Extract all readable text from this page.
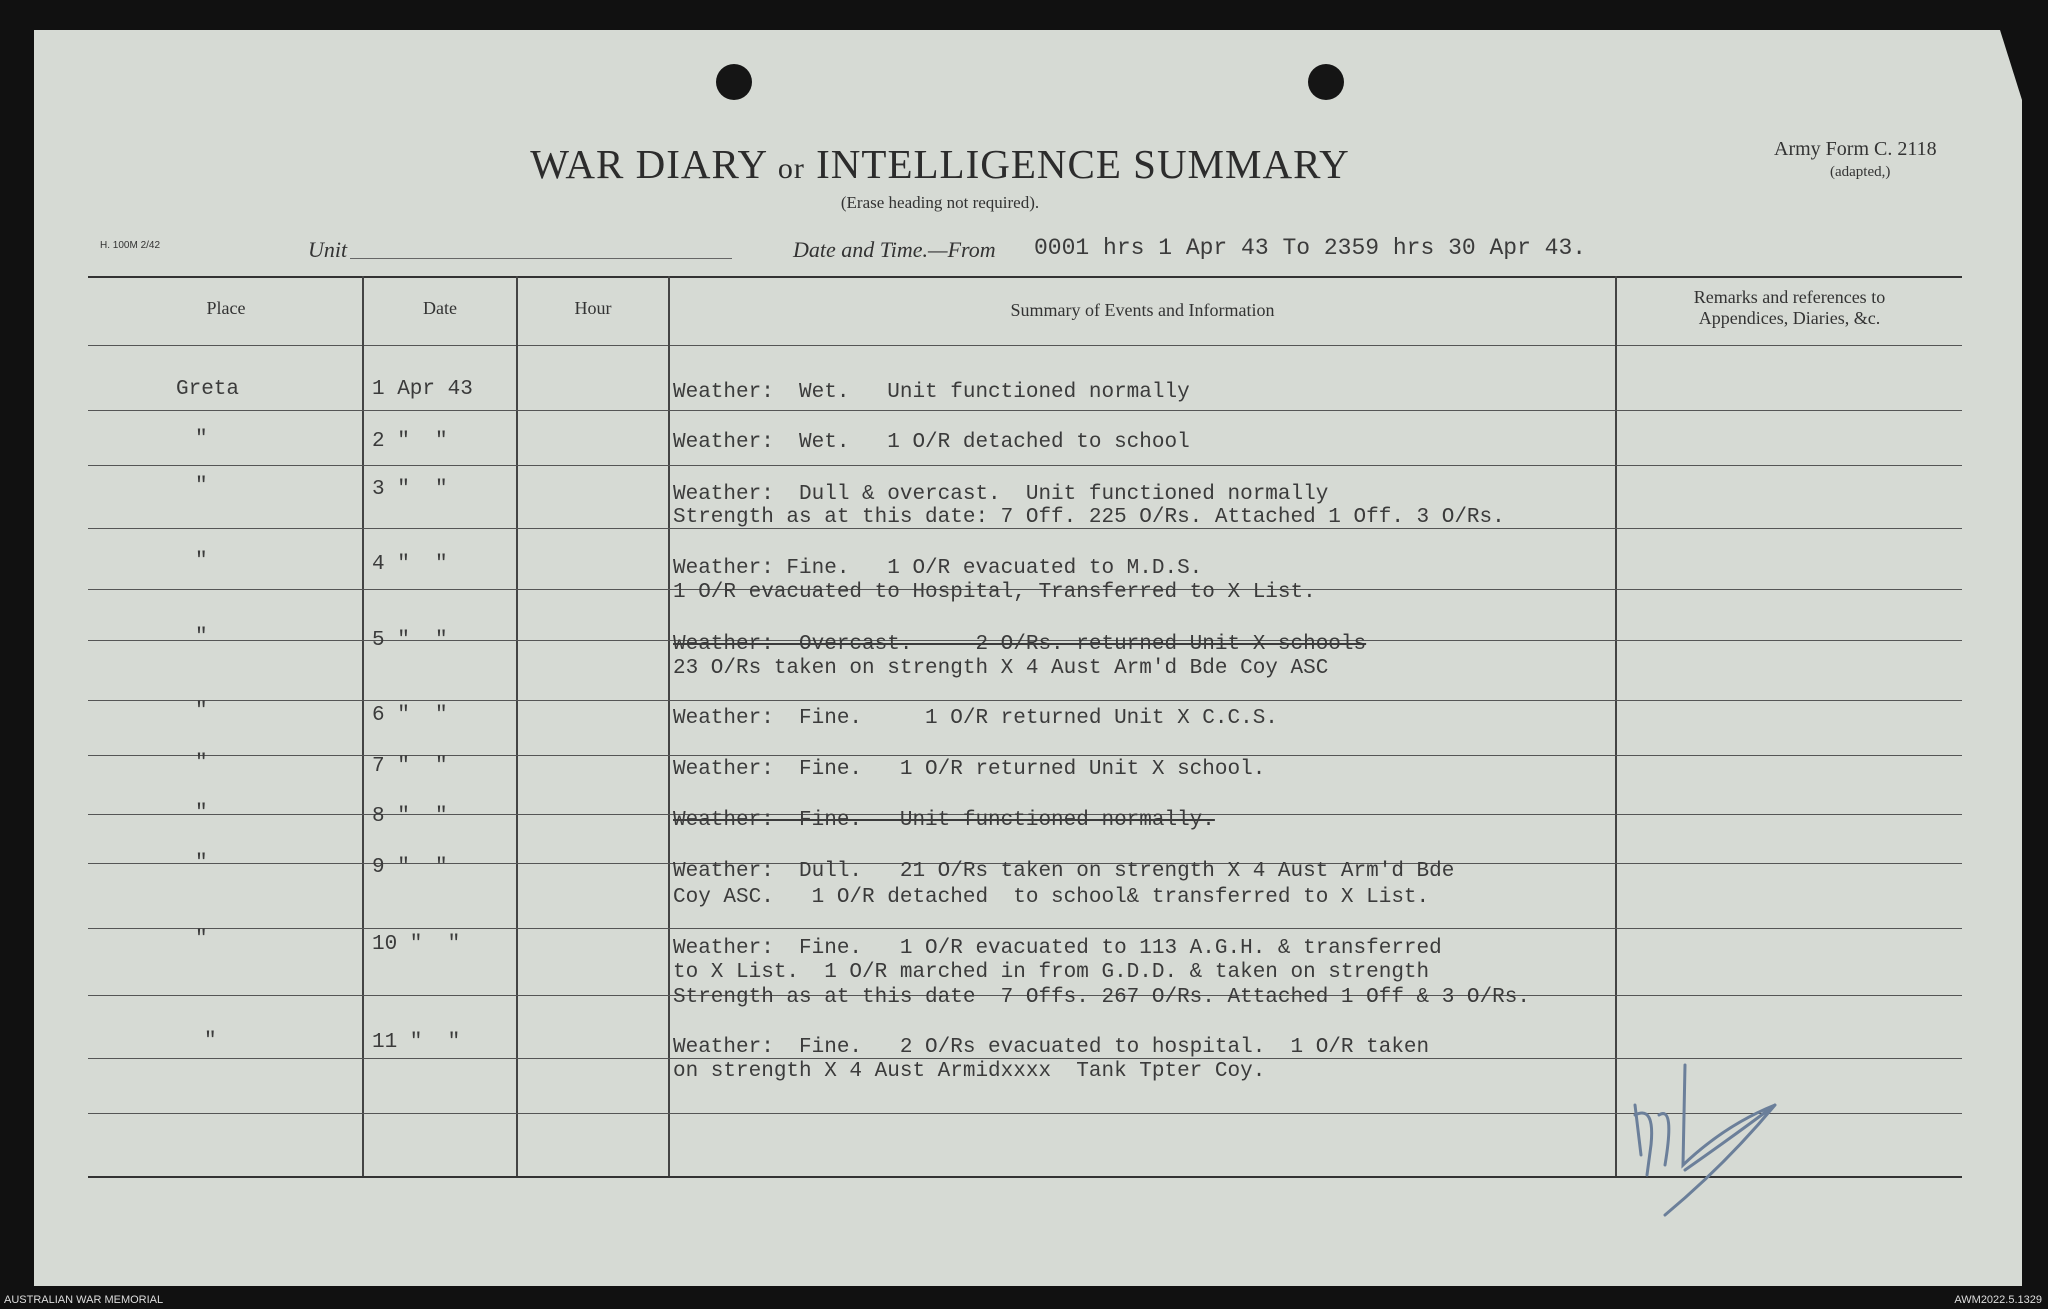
WAR DIARY or INTELLIGENCE SUMMARY
(Erase heading not required).
Army Form C. 2118
(adapted,)
H. 100M 2/42	Unit	Date and Time.—From 0001 hrs 1 Apr 43 To 2359 hrs 30 Apr 43.
Place	Date	Hour	Summary of Events and Information
Remarks and references to
Appendices, Diaries, &c.
Greta	1 Apr 43	Weather:  Wet.   Unit functioned normally
"	2 "  "	Weather:  Wet.   1 O/R detached to school
"	3 "  "	Weather:  Dull & overcast.  Unit functioned normally
Strength as at this date: 7 Off. 225 O/Rs. Attached 1 Off. 3 O/Rs.
"	4 "  "	Weather: Fine.   1 O/R evacuated to M.D.S.
1 O/R evacuated to Hospital, Transferred to X List.
"	5 "  "	Weather:  Overcast.     2 O/Rs. returned Unit X schools
23 O/Rs taken on strength X 4 Aust Arm'd Bde Coy ASC
"	6 "  "	Weather:  Fine.     1 O/R returned Unit X C.C.S.
"	7 "  "	Weather:  Fine.   1 O/R returned Unit X school.
"	8 "  "	Weather:  Fine.   Unit functioned normally.
"	9 "  "	Weather:  Dull.   21 O/Rs taken on strength X 4 Aust Arm'd Bde
Coy ASC.   1 O/R detached  to school& transferred to X List.
"	10 "  "	Weather:  Fine.   1 O/R evacuated to 113 A.G.H. & transferred
to X List.  1 O/R marched in from G.D.D. & taken on strength
Strength as at this date  7 Offs. 267 O/Rs. Attached 1 Off & 3 O/Rs.
"	11 "  "	Weather:  Fine.   2 O/Rs evacuated to hospital.  1 O/R taken
on strength X 4 Aust Armidxxxx  Tank Tpter Coy.
AUSTRALIAN WAR MEMORIAL	AWM2022.5.1329
